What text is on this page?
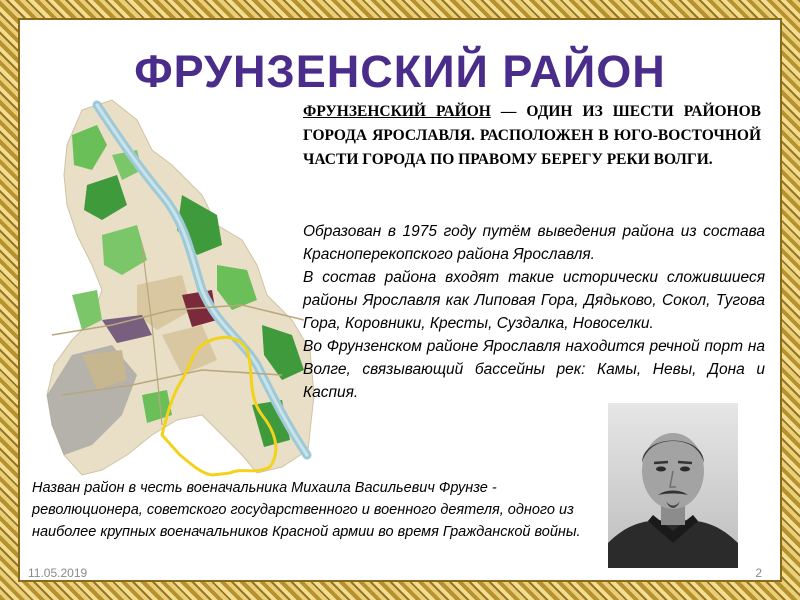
ФРУНЗЕНСКИЙ РАЙОН
ФРУНЗЕНСКИЙ РАЙОН — ОДИН ИЗ ШЕСТИ РАЙОНОВ ГОРОДА ЯРОСЛАВЛЯ. РАСПОЛОЖЕН В ЮГО-ВОСТОЧНОЙ ЧАСТИ ГОРОДА ПО ПРАВОМУ БЕРЕГУ РЕКИ ВОЛГИ.

Образован в 1975 году путём выведения района из состава Красноперекопского района Ярославля.

В состав района входят такие исторически сложившиеся районы Ярославля как Липовая Гора, Дядьково, Сокол, Тугова Гора, Коровники, Кресты, Суздалка, Новоселки.

Во Фрунзенском районе Ярославля находится речной порт на Волге, связывающий бассейны рек: Камы, Невы, Дона и Каспия.

Назван район в честь военачальника Михаила Васильевич Фрунзе - революционера, советского государственного и военного деятеля, одного из наиболее крупных военачальников Красной армии во время Гражданской войны.
11.05.2019	2
